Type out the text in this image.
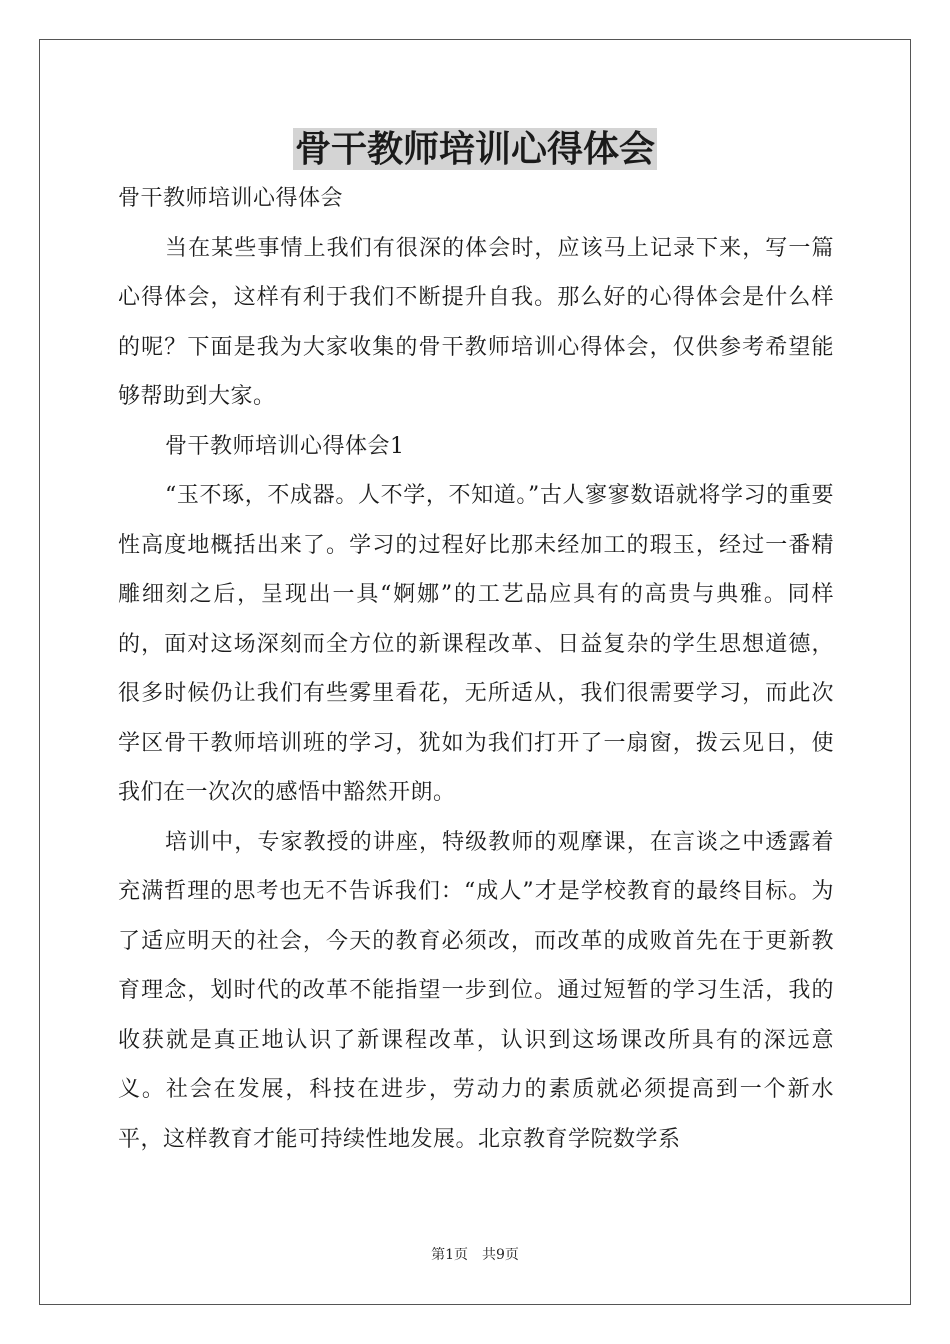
骨干教师培训心得体会

骨干教师培训心得体会

当在某些事情上我们有很深的体会时，应该马上记录下来，写一篇心得体会，这样有利于我们不断提升自我。那么好的心得体会是什么样的呢？下面是我为大家收集的骨干教师培训心得体会，仅供参考希望能够帮助到大家。

骨干教师培训心得体会1

“玉不琢，不成器。人不学，不知道。”古人寥寥数语就将学习的重要性高度地概括出来了。学习的过程好比那未经加工的瑕玉，经过一番精雕细刻之后，呈现出一具“婀娜”的工艺品应具有的高贵与典雅。同样的，面对这场深刻而全方位的新课程改革、日益复杂的学生思想道德，很多时候仍让我们有些雾里看花，无所适从，我们很需要学习，而此次学区骨干教师培训班的学习，犹如为我们打开了一扇窗，拨云见日，使我们在一次次的感悟中豁然开朗。

培训中，专家教授的讲座，特级教师的观摩课，在言谈之中透露着充满哲理的思考也无不告诉我们：“成人”才是学校教育的最终目标。为了适应明天的社会，今天的教育必须改，而改革的成败首先在于更新教育理念，划时代的改革不能指望一步到位。通过短暂的学习生活，我的收获就是真正地认识了新课程改革，认识到这场课改所具有的深远意义。社会在发展，科技在进步，劳动力的素质就必须提高到一个新水平，这样教育才能可持续性地发展。北京教育学院数学系

第1页 共9页
